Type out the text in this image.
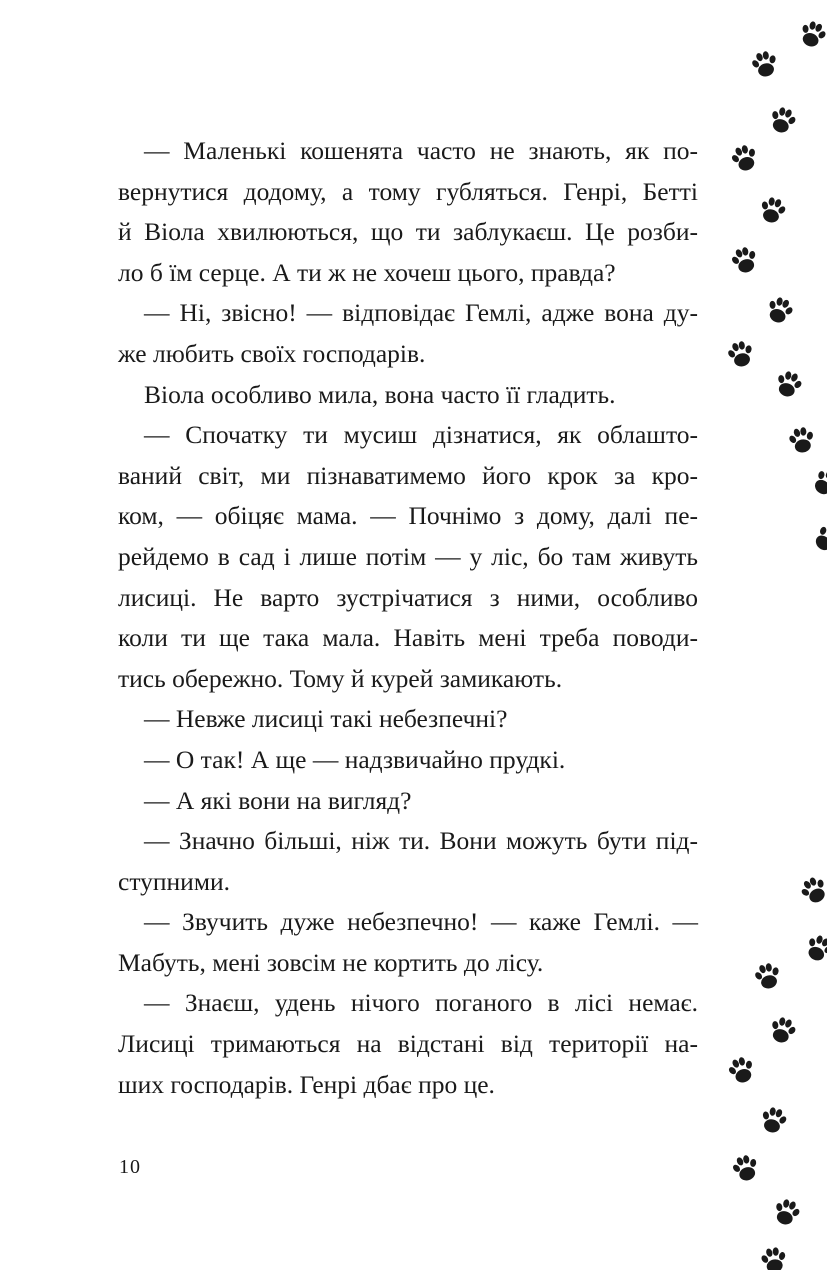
— Маленькі кошенята часто не знають, як по-
вернутися додому, а тому губляться. Генрі, Бетті
й Віола хвилюються, що ти заблукаєш. Це розби-
ло б їм серце. А ти ж не хочеш цього, правда?
— Ні, звісно! — відповідає Гемлі, адже вона ду-
же любить своїх господарів.
Віола особливо мила, вона часто її гладить.
— Спочатку ти мусиш дізнатися, як облашто-
ваний світ, ми пізнаватимемо його крок за кро-
ком, — обіцяє мама. — Почнімо з дому, далі пе-
рейдемо в сад і лише потім — у ліс, бо там живуть
лисиці. Не варто зустрічатися з ними, особливо
коли ти ще така мала. Навіть мені треба поводи-
тись обережно. Тому й курей замикають.
— Невже лисиці такі небезпечні?
— О так! А ще — надзвичайно прудкі.
— А які вони на вигляд?
— Значно більші, ніж ти. Вони можуть бути під-
ступними.
— Звучить дуже небезпечно! — каже Гемлі. —
Мабуть, мені зовсім не кортить до лісу.
— Знаєш, удень нічого поганого в лісі немає.
Лисиці тримаються на відстані від території на-
ших господарів. Генрі дбає про це.
10
